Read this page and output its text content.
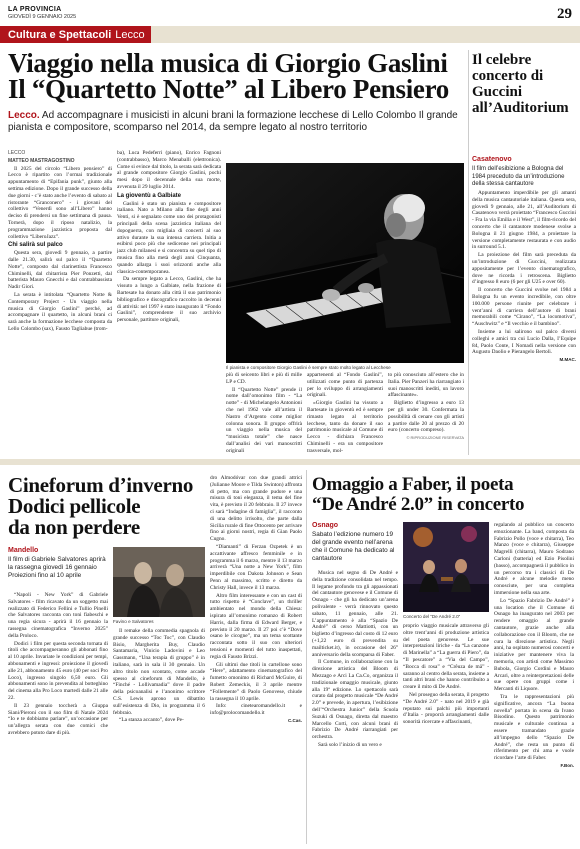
LA PROVINCIA
GIOVEDÌ 9 GENNAIO 2025	29
Cultura e Spettacoli Lecco
Viaggio nella musica di Giorgio Gaslini
Il “Quartetto Notte” al Libero Pensiero
Lecco. Ad accompagnare i musicisti in alcuni brani la formazione lecchese di Lello Colombo Il grande pianista e compositore, scomparso nel 2014, da sempre legato al nostro territorio
LECCO
MATTEO MASTRAGOSTINO

Il 2025 del circolo “Libero pensiero” di Lecco è ripartito con l’ormai tradizionale appuntamento di “Epifania punk”, giunto alla settima edizione. Dopo il grande successo della due giorni - c’è stato anche l’evento di sabato al ristorante “Granconero” - i giovani del collettivo “Venerdì sono all’Libero” hanno deciso di prendersi un fine settimana di pausa. Tornerà, dopo il riposo natalizio, la programmazione jazzistica proposta dal collettivo “LiberoJazz”.

Chi salirà sul palco

Questa sera, giovedì 9 gennaio, a partire dalle 21.30, salirà sul palco il “Quartetto Notte”, composto dal clarinettista Francesco Chiminelli, dal chitarrista Pier Ponzetti, dal batterista Mauro Gnecchi e dal contrabbassista Nadir Giori.

La serata è intitolata “Quartetto Notte & Contemporary Project - Un viaggio nella musica di Giorgio Gaslini” perché, ad accompagnare il quartetto, in alcuni brani ci sarà anche la formazione lecchese composta da Lello Colombo (sax), Fausto Tagliabue (trom-

ba), Luca Pedeferri (piano), Enrico Fagnoni (contrabbasso), Marco Menaballi (elettronica). Come si evince dal titolo, la serata sarà dedicata al grande compositore Giorgio Gaslini, pochi mesi dopo il decennale della sua morte, avvenuta il 29 luglio 2014.

La gioventù a Galbiate

Gaslini è stato un pianista e compositore italiano. Nato a Milano alla fine degli anni Venti, si è segnalato come uno dei protagonisti principali della scena jazzistica italiana del dopoguerra, con migliaia di concerti al suo attivo durante la sua intensa carriera. Initia a esibirsi poco più che sedicenne nei principali jazz club milanesi e si concentra su quel tipo di musica fino alla metà degli anni Cinquanta, quando allarga i suoi orizzonti anche alla classica-contemporanea.

Da sempre legato a Lecco, Gaslini, che ha vissuto a lungo a Galbiate, nella frazione di Bartesate ha donato alla città il suo patrimonio bibliografico e discografico raccolto in decenni di attività: nel 1997 è stato inaugurato il “Fondo Gaslini”, comprendente il suo archivio personale, partiture originali,

Il pianista e compositore Giorgio Gaslini è sempre stato molto legato al Lecchese

più di seicento libri e più di mille LP e CD.

Il “Quartetto Notte” prende il nome dall’omonimo film - “La notte” - di Michelangelo Antonioni che nel 1962 vale all’artista il Nastro d’Argento come miglior colonna sonora. Il gruppo offrirà un viaggio nella musica del “musicista totale” che nasce dall’analisi dei vari manoscritti originali

appartenenti al “Fondo Gaslini”, utilizzati come punto di partenza per lo sviluppo di arrangiamenti originali.

«Giorgio Gaslini ha vissuto a Bartesate in gioventù ed è sempre rimasto legato al territorio lecchese, tanto da donare il suo patrimonio musicale al Comune di Lecco - dichiara Francesco Chiminelli - era un compositore trasversale, mol-

to più conosciuto all’estero che in Italia. Pier Panzeri ha riarrangiato i suoi manoscritti inediti, un lavoro affascinante».

Biglietto d’ingresso a euro 13 per gli under 30. Confermata la possibilità di cenare con gli artisti a partire dalle 20 al prezzo di 20 euro (concerto compreso).

© RIPRODUZIONE RISERVATA
Il celebre concerto di Guccini all’Auditorium
Casatenovo
Il film dell’esibizione a Bologna del 1984 preceduto da un’introduzione della stessa cantautore

Appuntamento imperdibile per gli amanti della musica cantautoriale italiana. Questa sera, giovedì 9 gennaio, alle 21, all’Auditorium di Casatenovo verrà proiettato “Francesco Guccini - Fra la via Emilia e il West”, il film-ricordo del concerto che il cantautore modenese svolse a Bologna il 21 giugno 1984, a proiettare la versione completamente restaurata e con audio in surround 5.1.

La proiezione del film sarà preceduta da un’introduzione di Guccini, realizzata appositamente per l’evento cinematografico, dove ne ricorda i retroscena. Biglietto d’ingresso 8 euro (6 per gli U25 e over 60).

Il concerto che Guccini svolse nel 1984 a Bologna fu un evento incredibile, con oltre 100.000 persone riunite per celebrare i vent’anni di carriera dell’autore di brani memorabili come “Cirano”, “La locomotiva”, “Auschwitz” e “Il vecchio e il bambino”.

Insieme a lui salirono sul palco diversi colleghi e amici tra cui Lucio Dalla, I’Equipe 84, Paolo Conte, I Nomadi nella versione con Augusto Daolio e Pierangelo Bertoli.

M.MAC.
Cineforum d’inverno
Dodici pellicole
da non perdere
Mandello
Il film di Gabriele Salvatores aprirà la rassegna giovedì 16 gennaio Proiezioni fino al 10 aprile

“Napoli - New York” di Gabriele Salvatores - film ricavato da un soggetto mai realizzato di Federico Fellini e Tullio Pinelli che Salvatores racconta con toni fiabeschi e una regia sicura - aprirà il 16 gennaio la rassegna cinematografica “Inverno 2025” della Proloco.

Dodici i film per questa seconda tornata di titoli che accompagneranno gli abbonati fino al 10 aprile. Invariate le condizioni per tempi, abbonamenti e ingressi: proiezione il giovedì alle 21, abbonamento 45 euro (40 per soci Pro Loco), ingresso singolo 6,50 euro. Gli abbonamenti sono in prevendita al botteghino del cinema alla Pro Loco martedì dalle 21 alle 22.

Il 23 gennaio toccherà a Giuppa Siani/Pieroni con il suo film di Natale 2024 “Io e te dobbiamo parlare”, un’occasione per un’allegra serata con due comici che avrebbero potuto dare di più.

Favino e Salvatores

Il remake della commedia spagnola di grande successo “Toc Toc”, con Claudio Bisio, Margherita Buy, Claudio Santamaria, Vinicio Ladovini e Leo Gassmann, “Una terapia di gruppo” è in italiano, sarà in sala il 30 gennaio. Un altro titolo non scontato, come accade spesso al cineforum di Mandello, è “Finché - Lollivamadia” dove il padre della psicoanalisi e l’anonimo scrittore C.S. Lewis aprono un dibattito sull’esistenza di Dio, in programma il 6 febbraio.

“La stanza accanto”, dove Pe-

dro Almodóvar con due grandi attrici (Julianne Moore e Tilda Swinton) affronta di petto, ma con grande pudore e una misura di toni eleganza, il tema del fine vita, è previsto il 20 febbraio. Il 27 invece ci sarà “Indagine di famiglia”, il racconto di una delitto irrisolto, che parte dalla Sicilia rurale di fine Ottocento per arrivare fino ai giorni nostri, regia di Gian Paolo Cugno.

“Diamanti” di Ferzan Ozpetek è un accattivante affresco femminile e in programma il 6 marzo, mentre il 13 marzo arriverà “Una notte a New York”, film imperdibile con Dakota Johnson e Sean Penn al massimo, scritto e diretto da Christy Hall, invece il 13 marzo.

Altro film interessante e con un cast di tutto rispetto è “Conclave”, un thriller ambientato nel mondo della Chiesa: ispirato all’omonimo romanzo di Robert Harris, dalla firma di Edward Berger, e previsto il 20 marzo. Il 27 poi c’è “Dove osano le cicogne”, ma un tema scottante raccontata sotto il suo con ulteriori tensioni e momenti del tutto inaspettati, regia di Fausto Brizzi.

Gli ultimi due titoli in cartellone sono “Here”, adattamento cinematografico del fumetto omonimo di Richard McGuire, di Robert Zemeckis, il 3 aprile mentre “Follemente” di Paolo Genovese, chiude la rassegna il 10 aprile.

Info: cinetearomandello.it e info@prolocomandello.it

C.Cas.
Omaggio a Faber, il poeta
“De André 2.0” in concerto
Osnago
Sabato l’edizione numero 19 del grande evento nell’arena che il Comune ha dedicato al cantautore

Musica nel segno di De André e della tradizione consolidata nel tempo. Il legame profondo tra gli appassionati del cantautore genovese e il Comune di Osnago - che gli ha dedicato un’arena polivalente - verrà rinnovato questo sabato, 11 gennaio, alle 21. L’appuntamento è alla “Spazio De André” di cerso Mattiotti, con un biglietto d’ingresso dal costo di 12 euro (+1,22 euro di prevendita su mailticket.it), in occasione del 26° anniversario della scomparsa di Faber.

Il Comune, in collaborazione con la direzione artistica del Bloom di Mezzago e Arci La Ca.Co, organizza il tradizionale omaggio musicale, giunto alla 19ª edizione. Lo spettacolo sarà curato dal progetto musicale “De André 2.0” e prevede, in apertura, l’esibizione dell’“Orchestra Junior” della Scuola Suzuki di Osnago, diretta dal maestro Marcello Corti, con alcuni brani di Fabrizio De André riarrangiati per orchestra.

Sarà solo l’inizio di un vero e

Concerto del “De André 2.0”

proprio viaggio musicale attraverso gli oltre trent’anni di produzione artistica del poeta genovese. Le sue interpretazioni liriche - da “La canzone di Marinella” a “La guerra di Piero”, da “Il pescatore” a “Via del Campo”, “Bocca di rosa” e “Crêuza de mä” - saranno al centro della serata, insieme a tanti altri brani che hanno contribuito a creare il mito di De André.

Nel proseguo della serata, il progetto “De André 2.0” - nato nel 2019 e già reputato sui palchi più importanti d’Italia - proporrà arrangiamenti dalle sonorità ricercate e affascinanti,

regalando al pubblico un concerto emozionante. La band, composta da Fabrizio Pollo (voce e chitarra), Teo Manzo (voce e chitarra), Giuseppe Magrelli (chitarra), Mauro Sodrano Carloni (batteria) ed Ezio Pisolini (basso), accompagnerà il pubblico in un percorso tra i classici di De André e alcune melodie meno conosciute, per una completa immersione nella sua arte.

Lo “Spazio Fabrizio De André” è una location che il Comune di Osnago ha inaugurato nel 2003 per rendere omaggio al grande cantautore, grazie anche alla collaborazione con il Bloom, che ne cura la direzione artistica. Negli anni, ha ospitato numerosi concerti e iniziative per mantenere viva la memoria, con artisti come Massimo Bubola, Giorgio Cordini e Mauro Arcari, oltre a reinterpretazioni delle sue opere con gruppi come i Mercanti di Liquore.

Tra le rappresentazioni più significative, ancora “La buona novella” portata in scena da Ivano Bisodino. Questo patrimonio musicale e culturale continua a essere tramandato grazie all’impegno dello “Spazio De André”, che resta un punto di riferimento per chi ama e vuole ricordare l’arte di Faber.

F.Bon.
